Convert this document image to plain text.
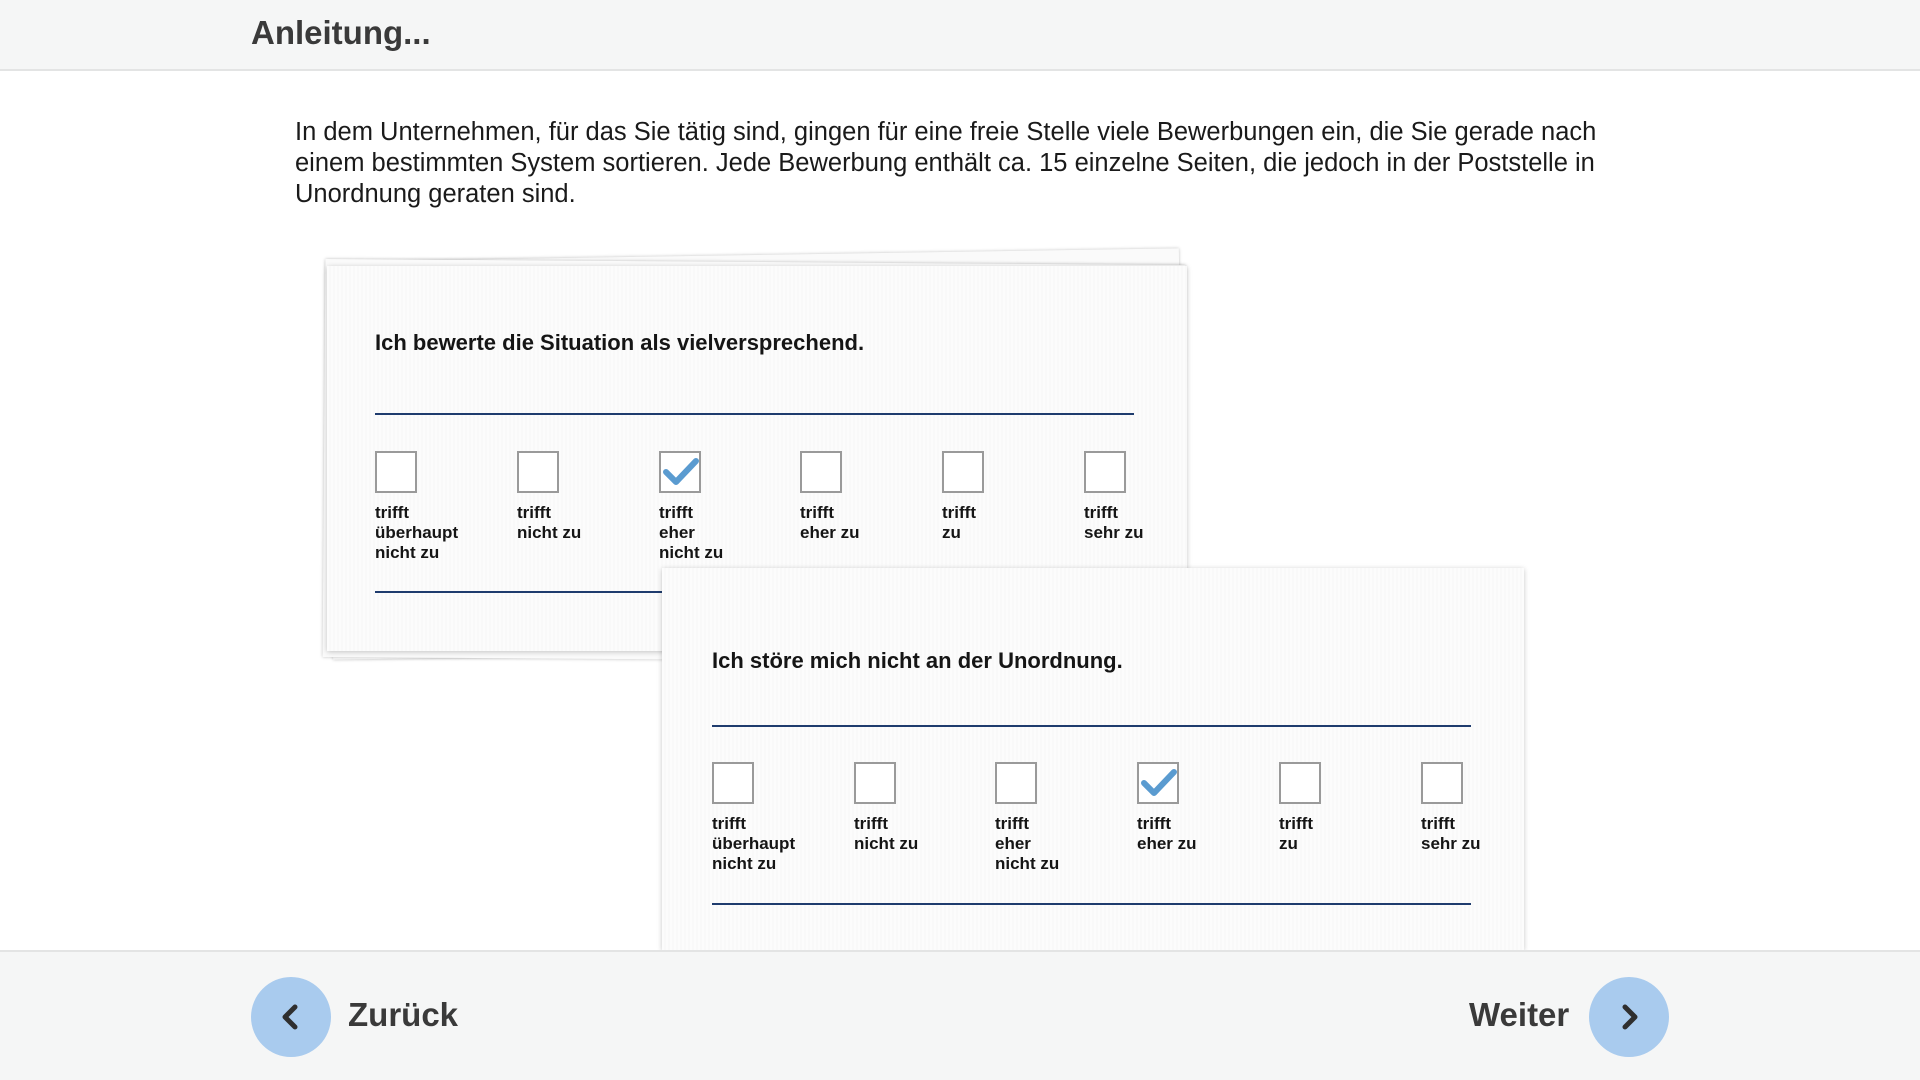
Anleitung...
In dem Unternehmen, für das Sie tätig sind, gingen für eine freie Stelle viele Bewerbungen ein, die Sie gerade nach einem bestimmten System sortieren. Jede Bewerbung enthält ca. 15 einzelne Seiten, die jedoch in der Poststelle in Unordnung geraten sind.
Ich bewerte die Situation als vielversprechend.
trifft
überhaupt
nicht zu
trifft
nicht zu
trifft
eher
nicht zu
trifft
eher zu
trifft
zu
trifft
sehr zu
Ich störe mich nicht an der Unordnung.
trifft
überhaupt
nicht zu
trifft
nicht zu
trifft
eher
nicht zu
trifft
eher zu
trifft
zu
trifft
sehr zu
Zurück	Weiter
